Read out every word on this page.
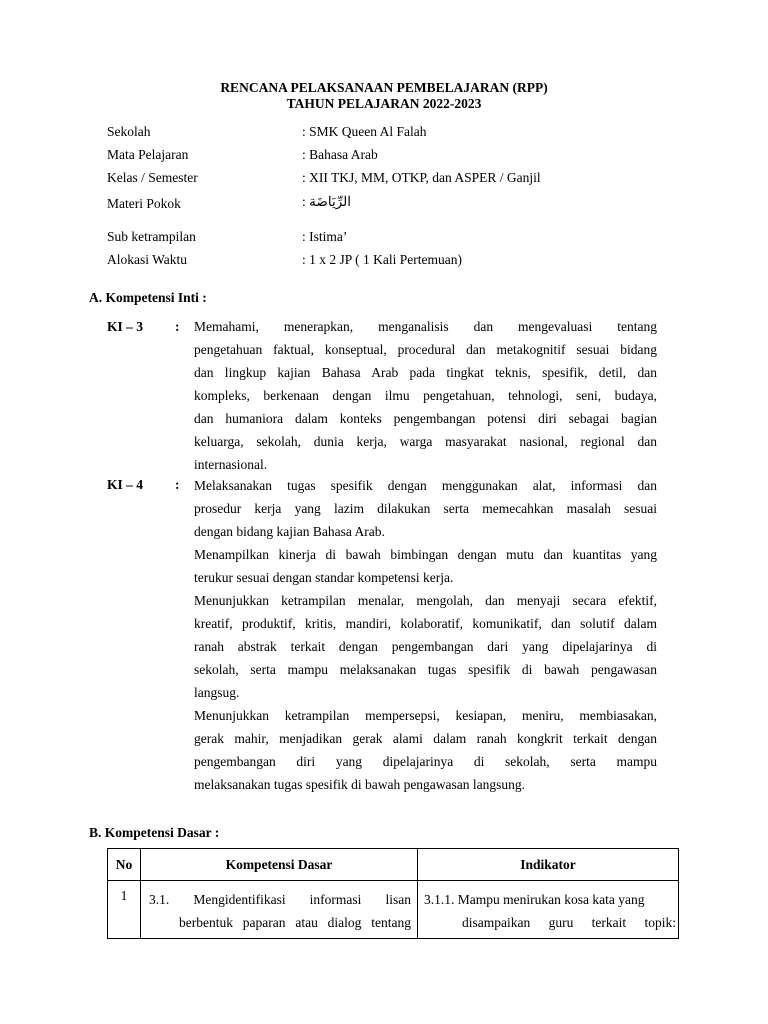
RENCANA PELAKSANAAN PEMBELAJARAN (RPP)
TAHUN PELAJARAN 2022-2023
Sekolah	: SMK Queen Al Falah
Mata Pelajaran	: Bahasa Arab
Kelas / Semester	: XII TKJ, MM, OTKP, dan ASPER / Ganjil
Materi Pokok	: الرِّيَاضَة
Sub ketrampilan	: Istima’
Alokasi Waktu	: 1 x 2 JP ( 1 Kali Pertemuan)
A. Kompetensi Inti :
KI – 3 : Memahami, menerapkan, menganalisis dan mengevaluasi tentang
pengetahuan faktual, konseptual, procedural dan metakognitif sesuai bidang
dan lingkup kajian Bahasa Arab pada tingkat teknis, spesifik, detil, dan
kompleks, berkenaan dengan ilmu pengetahuan, tehnologi, seni, budaya,
dan humaniora dalam konteks pengembangan potensi diri sebagai bagian
keluarga, sekolah, dunia kerja, warga masyarakat nasional, regional dan
internasional.
KI – 4 : Melaksanakan tugas spesifik dengan menggunakan alat, informasi dan
prosedur kerja yang lazim dilakukan serta memecahkan masalah sesuai
dengan bidang kajian Bahasa Arab.
Menampilkan kinerja di bawah bimbingan dengan mutu dan kuantitas yang
terukur sesuai dengan standar kompetensi kerja.
Menunjukkan ketrampilan menalar, mengolah, dan menyaji secara efektif,
kreatif, produktif, kritis, mandiri, kolaboratif, komunikatif, dan solutif dalam
ranah abstrak terkait dengan pengembangan dari yang dipelajarinya di
sekolah, serta mampu melaksanakan tugas spesifik di bawah pengawasan
langsug.
Menunjukkan ketrampilan mempersepsi, kesiapan, meniru, membiasakan,
gerak mahir, menjadikan gerak alami dalam ranah kongkrit terkait dengan
pengembangan diri yang dipelajarinya di sekolah, serta mampu
melaksanakan tugas spesifik di bawah pengawasan langsung.
B. Kompetensi Dasar :
No	Kompetensi Dasar	Indikator
1	3.1. Mengidentifikasi informasi lisan
berbentuk paparan atau dialog tentang	3.1.1. Mampu menirukan kosa kata yang
disampaikan guru terkait topik:
